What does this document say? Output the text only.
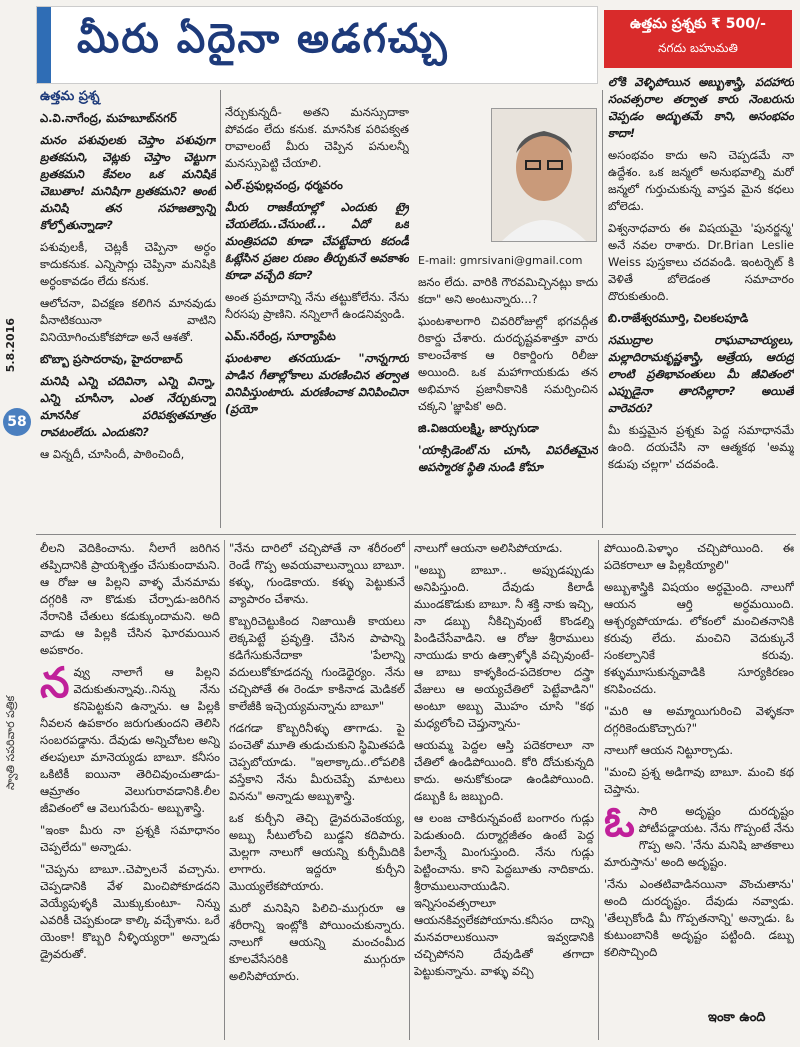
5.8.2016
58
స్వాతి సపరివార పత్రిక
మీరు ఏదైనా అడగచ్చు	ఉత్తమ ప్రశ్నకు ₹ 500/-
నగదు బహుమతి

ఉత్తమ ప్రశ్న

ఎ.వి.నాగేంద్ర, మహబూబ్‌నగర్

మనం పశువులకు చెప్తాం పశువుగా బ్రతకమని, చెట్లకు చెప్తాం చెట్టుగా బ్రతకమని కేవలం ఒక మనిషికే చెబుతాం! మనిషిగా బ్రతకమని? అంటే మనిషి తన సహజత్వాన్ని కోల్పోతున్నాడా?

పశువులకీ, చెట్లకీ చెప్పినా అర్ధం కాదుకనుక. ఎన్నిసార్లు చెప్పినా మనిషికి అర్ధంకావడం లేదు కనుక.

ఆలోచనా, విచక్షణ కలిగిన మానవుడు వీనాటికయినా వాటిని వినియోగించుకోకపోడా అనే ఆశతో.

బొబ్బా ప్రసాదరావు, హైదరాబాద్

మనిషి ఎన్ని చదివినా, ఎన్ని విన్నా, ఎన్ని చూసినా, ఎంత నేర్చుకున్నా మానసిక పరిపక్వతమాత్రం రావటంలేదు. ఎందుకని?

ఆ విన్నదీ, చూసిందీ, పాఠించిందీ,

నేర్చుకున్నదీ- అతని మనస్సుదాకా పోవడం లేదు కనుక. మానసిక పరిపక్వత రావాలంటే మీరు చెప్పిన పనులన్నీ మనస్సుపెట్టి చేయాలి.

ఎల్.ప్రఫుల్లచంద్ర, ధర్మవరం

మీరు రాజకీయాల్లో ఎందుకు ట్రై చేయలేదు..చేసుంటే... ఏదో ఒక మంత్రిపదవి కూడా చేపట్టేవారు కదండీ ఓట్లేసిన ప్రజల రుణం తీర్చుకునే అవకాశం కూడా వచ్చేది కదా?

అంత ప్రమాదాన్ని నేను తట్టుకోలేను. నేను నీరసపు ప్రాణిని. నన్నిలాగే ఉండనివ్వండి.

ఎమ్.నరేంద్ర, సూర్యాపేట

ఘంటశాల తనయుడు- "నాన్నగారు పాడిన గీతాల్లోకాలు మరణించిన తర్వాత వినిపిస్తుంటారు. మరణించాక వినిపించినా (ప్రయో

E-mail: gmrsivani@gmail.com

జనం లేదు. వారికి గౌరవమిచ్చినట్లు కాదు కదా" అని అంటున్నారు...?

ఘంటశాలగారి చివరిరోజుల్లో భగవద్గీత రికార్డు చేశారు. దురదృష్టవశాత్తూ వారు కాలంచేశాక ఆ రికార్డింగు రిలీజు అయింది. ఒక మహాగాయకుడు తన అభిమాన ప్రజానీకానికి సమర్పించిన చక్కని 'జ్ఞాపిక' అది.

జి.విజయలక్ష్మి, జార్సుగుడా

'యాక్సిడెంట్'ను చూసి, విపరీతమైన అపస్మారక స్థితి నుండి కోమా

లోకి వెళ్ళిపోయిన అబ్బుశాస్త్రి, పదహారు సంవత్సరాల తర్వాత కారు నెంబరును చెప్పడం అద్భుతమే కాని, అసంభవం కాదా!

అసంభవం కాదు అని చెప్పడమే నా ఉద్దేశం. ఒక జన్మలో అనుభవాల్ని మరో జన్మలో గుర్తుచుకున్న వాస్తవ మైన కధలు బోలెడు.

విశ్వనాధవారు ఈ విషయమై 'పునర్జన్మ' అనే నవల రాశారు. Dr.Brian Leslie Weiss పుస్తకాలు చదవండి. ఇంటర్నెట్ కి వెళితే బోలెడంత సమాచారం దొరుకుతుంది.

బి.రాజేశ్వరమూర్తి, చిలకలపూడి

సముద్రాల రాఘవాచార్యులు, మల్లాదిరామకృష్ణశాస్త్రి, ఆత్రేయ, ఆరుద్ర లాంటి ప్రతిభావంతులు మీ జీవితంలో ఎప్పుడైనా తారసిల్లారా? అయితే వారెవరు?

మీ కుప్తమైన ప్రశ్నకు పెద్ద సమాధానమే ఉంది. దయచేసి నా ఆత్మకథ 'అమ్మ కడుపు చల్లగా' చదవండి.

లీలని వెదికించాను. నీలాగే జరిగిన తప్పిదానికి ప్రాయశ్చిత్తం చేసుకుందామని. ఆ రోజు ఆ పిల్లని వాళ్ళ మేనమామ దగ్గరికి నా కొడుకు చేర్పాడు-జరిగిన నేరానికి చేతులు కడుక్కుందామని. అది వాడు ఆ పిల్లకి చేసిన ఘోరమయిన అపకారం.

నవ్వు నాలాగే ఆ పిల్లని వెదుకుతున్నావు..నిన్ను నేను కనిపెట్టకుని ఉన్నాను. ఆ పిల్లకి నీవలన ఉపకారం జరుగుతుందని తెలిసి సంబరపడ్డాను. దేవుడు అన్నిచోటల అన్ని తలపులూ మానెయ్యడు బాబూ. కనీసం ఒకిటికీ ఐయినా తెరిచివుంచుతాడు-ఆమ్రాతం వెలుగురావడానికి.లీల జీవితంలో ఆ వెలుగుపేరు- అబ్బుశాస్త్రి.

"ఇంకా మీరు నా ప్రశ్నకి సమాధానం చెప్పలేదు" అన్నాడు.

"చెప్పను బాబూ..చెప్పాలనే వచ్చాను. చెప్పడానికి వేళ మించిపోకూడదని వెయ్యేపుళ్ళకి మొక్కుకుంటూ- నిన్ను ఎవరికీ చెప్పకుండా కాల్కి వచ్చేశాను. ఒరే యెంకా! కొబ్బరి నీళ్ళియ్యరా" అన్నాడు డ్రైవరుతో.

"నేను దారిలో చచ్చిపోతే నా శరీరంలో రెండే గొప్ప అవయవాలున్నాయి బాబూ. కళ్ళు, గుండెకాయ. కళ్ళు పెట్టుకునే వ్యాపారం చేశాను.

కొబ్బరిచెట్టుకింద నిజాయితీ కాయలు లెక్కపెట్టే ప్రవృత్తి. చేసిన పాపాన్ని కడిగేసుకునేదాకా 'పేలాన్ని వదులుకోకూడదన్న గుండెధైర్యం. నేను చచ్చిపోతే ఈ రెండూ కాకినాడ మెడికల్ కాలేజీకి ఇచ్చెయ్యమన్నాను బాబూ"

గడగడా కొబ్బరినీళ్ళు తాగాడు. పై పంచెతో మూతి తుడుచుకుని స్థిమితపడి చెప్పబోయాడు. "ఇలాక్కాదు..లోపలికి వస్తేకాని నేను మీరుచెప్పే మాటలు వినను" అన్నాడు అబ్బుశాస్త్రి.

ఒక కుర్చీని తెచ్చి డ్రైవరువెంకయ్య, అబ్బు సీటులోంచి బుడ్డని కదిపారు. మెల్లగా నాలుగో ఆయన్ని కుర్చీమీదికి లాగారు. ఇద్దరూ కుర్చీని మొయ్యలేకపోయారు.

మరో మనిషిని పిలిచి-ముగ్గురూ ఆ శరీరాన్ని ఇంట్లోకి పోయించుకున్నారు. నాలుగో ఆయన్ని మంచంమీద కూలవేసేసరికి ముగ్గురూ అలిసిపోయారు.

నాలుగో ఆయనా అలిసిపోయాడు.

"అబ్బు బాబూ.. అప్పుడప్పుడు అనిపిస్తుంది. దేవుడు కిలాడీ ముండకొడుకు బాబూ. నీ శక్తి నాకు ఇచ్చి, నా డబ్బు నీకిచ్చివుంటే కొండల్ని పిండిచేసేవాడిని. ఆ రోజు శ్రీరాములు నాయుడు కారు ఉత్సాళ్ళోకి వచ్చివుంటే- ఆ బాబు కాళ్ళకింద-పదెకరాల దస్త్రా వేజులు ఆ అయ్యచేతిలో పెట్టేవాడిని" అంటూ అబ్బు మొహం చూసి "కథ మధ్యలోంచి చెప్తున్నాను-

ఆయమ్మ పెద్దల ఆస్తి పదెకరాలూ నా చేతిలో ఉండిపోయింది. కోరి దోచుకున్నది కాదు. అనుకోకుండా ఉండిపోయింది. డబ్బుకి ఓ జబ్బుంది.

ఆ లంజ చాకిరున్నవంటే బంగారం గుడ్లు పెడుతుంది. దుర్మార్గజీతం ఉంటే పెద్ద పేలాన్నే మింగుస్తుంది. నేను గుడ్లు పెట్టించాను. కాని పెద్దబూతు నాదికాదు. శ్రీరాములునాయుడిని. ఇన్నిసంవత్సరాలూ ఆయనకివ్వలేకపోయాను.కనీసం దాన్ని మనవరాలుకయినా ఇవ్వడానికి చచ్చిపోనని దేవుడితో తగాదా పెట్టుకున్నాను. వాళ్ళు వచ్చి

పోయింది.పెళ్ళాం చచ్చిపోయింది. ఈ పదెకరాలూ ఆ పిల్లకియ్యాలి"

అబ్బుశాస్త్రికి విషయం అర్ధమైంది. నాలుగో ఆయన ఆర్తి అర్ధమయింది. ఆశ్చర్యపోయాడు. లోకంలో మంచితనానికి కరువు లేదు. మంచిని వెదుక్కునే సంకల్పానికే కరువు. కళ్ళుమూసుకున్నవాడికి సూర్యకిరణం కనిపించదు.

"మరి ఆ అమ్మాయిగురించి వెళ్ళకనా దగ్గరికెందుకొచ్చారు?"

నాలుగో ఆయన నిట్టూర్చాడు.

"మంచి ప్రశ్న అడిగావు బాబూ. మంచి కథ చెప్తాను.

ఓసారి అదృష్టం దురదృష్టం పోటీపడ్డాయట. నేను గొప్పంటే నేను గొప్ప అని. 'నేను మనిషి జాతకాలు మారుస్తాను' అంది అదృష్టం.

'నేను ఎంతటివాడినయినా వొంచుతాను' అంది దురదృష్టం. దేవుడు నవ్వాడు. 'తేల్చుకోండి మీ గొప్పతనాన్ని' అన్నాడు. ఓ కుటుంబానికి అదృష్టం పట్టింది. డబ్బు కలిసొచ్చింది

ఇంకా ఉంది
